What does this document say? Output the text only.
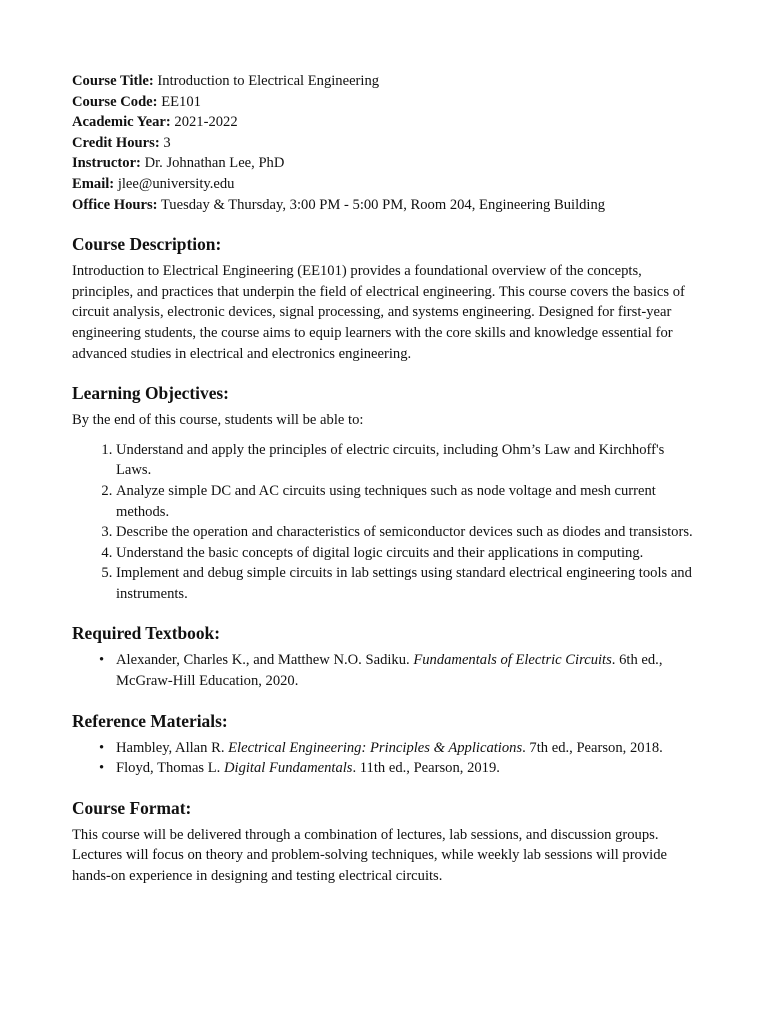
Course Title: Introduction to Electrical Engineering

Course Code: EE101

Academic Year: 2021-2022

Credit Hours: 3

Instructor: Dr. Johnathan Lee, PhD

Email: jlee@university.edu

Office Hours: Tuesday & Thursday, 3:00 PM - 5:00 PM, Room 204, Engineering Building

Course Description:

Introduction to Electrical Engineering (EE101) provides a foundational overview of the concepts, principles, and practices that underpin the field of electrical engineering. This course covers the basics of circuit analysis, electronic devices, signal processing, and systems engineering. Designed for first-year engineering students, the course aims to equip learners with the core skills and knowledge essential for advanced studies in electrical and electronics engineering.

Learning Objectives:

By the end of this course, students will be able to:

1. Understand and apply the principles of electric circuits, including Ohm’s Law and Kirchhoff's Laws.
2. Analyze simple DC and AC circuits using techniques such as node voltage and mesh current methods.
3. Describe the operation and characteristics of semiconductor devices such as diodes and transistors.
4. Understand the basic concepts of digital logic circuits and their applications in computing.
5. Implement and debug simple circuits in lab settings using standard electrical engineering tools and instruments.
Required Textbook:
• Alexander, Charles K., and Matthew N.O. Sadiku. Fundamentals of Electric Circuits. 6th ed., McGraw-Hill Education, 2020.
Reference Materials:
• Hambley, Allan R. Electrical Engineering: Principles & Applications. 7th ed., Pearson, 2018.
• Floyd, Thomas L. Digital Fundamentals. 11th ed., Pearson, 2019.
Course Format:

This course will be delivered through a combination of lectures, lab sessions, and discussion groups. Lectures will focus on theory and problem-solving techniques, while weekly lab sessions will provide hands-on experience in designing and testing electrical circuits.
